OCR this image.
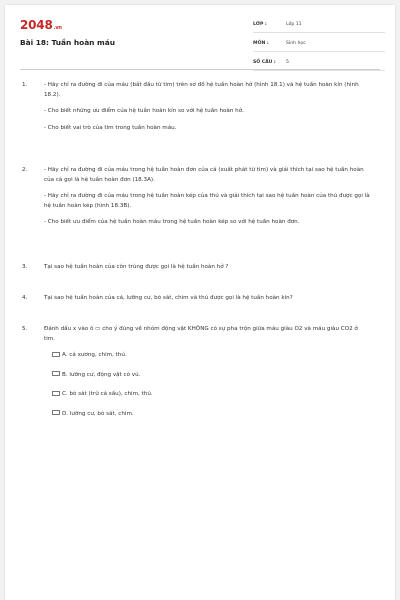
2048.vn
Bài 18: Tuần hoàn máu
LỚP :	Lớp 11
MÔN :	Sinh học
SỐ CÂU : 5
1.	- Hãy chỉ ra đường đi của máu (bắt đầu từ tim) trên sơ đồ hệ tuần hoàn hở (hình 18.1) và hệ tuần hoàn kín (hình 18.2).

- Cho biết những ưu điểm của hệ tuần hoàn kín so với hệ tuần hoàn hở.

- Cho biết vai trò của tim trong tuần hoàn máu.

2.	- Hãy chỉ ra đường đi của máu trong hệ tuần hoàn đơn của cá (xuất phát từ tim) và giải thích tại sao hệ tuần hoàn của cá gọi là hệ tuần hoàn đơn (18.3A).

- Hãy chỉ ra đường đi của máu trong hệ tuần hoàn kép của thú và giải thích tại sao hệ tuần hoàn của thú được gọi là hệ tuần hoàn kép (hình 18.3B).

- Cho biết ưu điểm của hệ tuần hoàn máu trong hệ tuần hoàn kép so với hệ tuần hoàn đơn.

3.	Tại sao hệ tuần hoàn của côn trùng được gọi là hệ tuần hoàn hở ?

4.	Tại sao hệ tuần hoàn của cá, lưỡng cư, bò sát, chim và thú được gọi là hệ tuần hoàn kín?

5.	Đánh dấu x vào ô ▭ cho ý đúng về nhóm động vật KHÔNG có sự pha trộn giữa máu giàu O2 và máu giàu CO2 ở tim.

A. cá xương, chim, thú.
B. lưỡng cư, động vật có vú.
C. bò sát (trừ cá sấu), chim, thú.
D. lưỡng cư, bò sát, chim.
